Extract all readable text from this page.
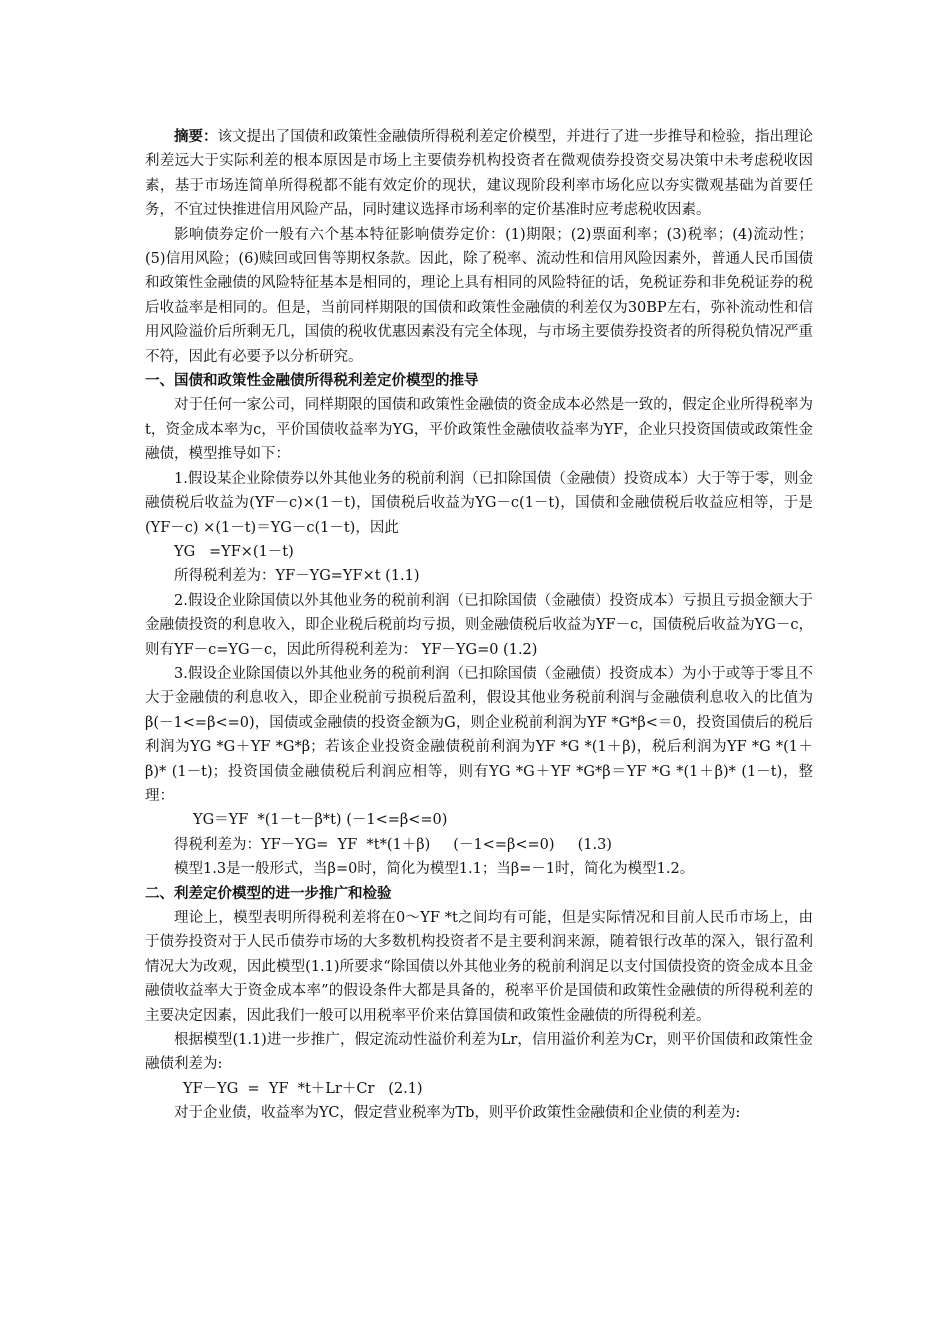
摘要：该文提出了国债和政策性金融债所得税利差定价模型，并进行了进一步推导和检验，指出理论利差远大于实际利差的根本原因是市场上主要债券机构投资者在微观债券投资交易决策中未考虑税收因素，基于市场连简单所得税都不能有效定价的现状，建议现阶段利率市场化应以夯实微观基础为首要任务，不宜过快推进信用风险产品，同时建议选择市场利率的定价基准时应考虑税收因素。

影响债券定价一般有六个基本特征影响债券定价：(1)期限；(2)票面利率；(3)税率；(4)流动性；(5)信用风险；(6)赎回或回售等期权条款。因此，除了税率、流动性和信用风险因素外，普通人民币国债和政策性金融债的风险特征基本是相同的，理论上具有相同的风险特征的话，免税证券和非免税证券的税后收益率是相同的。但是，当前同样期限的国债和政策性金融债的利差仅为30BP左右，弥补流动性和信用风险溢价后所剩无几，国债的税收优惠因素没有完全体现，与市场主要债券投资者的所得税负情况严重不符，因此有必要予以分析研究。

一、国债和政策性金融债所得税利差定价模型的推导

对于任何一家公司，同样期限的国债和政策性金融债的资金成本必然是一致的，假定企业所得税率为t，资金成本率为c，平价国债收益率为YG，平价政策性金融债收益率为YF，企业只投资国债或政策性金融债，模型推导如下：

1.假设某企业除债券以外其他业务的税前利润（已扣除国债（金融债）投资成本）大于等于零，则金融债税后收益为(YF－c)×(1－t)，国债税后收益为YG－c(1－t)，国债和金融债税后收益应相等，于是 (YF－c) ×(1－t)＝YG－c(1－t)，因此

YG   =YF×(1－t)

所得税利差为：YF－YG=YF×t (1.1)

2.假设企业除国债以外其他业务的税前利润（已扣除国债（金融债）投资成本）亏损且亏损金额大于金融债投资的利息收入，即企业税后税前均亏损，则金融债税后收益为YF－c，国债税后收益为YG－c，则有YF－c=YG－c，因此所得税利差为： YF－YG=0 (1.2)

3.假设企业除国债以外其他业务的税前利润（已扣除国债（金融债）投资成本）为小于或等于零且不大于金融债的利息收入，即企业税前亏损税后盈利，假设其他业务税前利润与金融债利息收入的比值为β(－1<=β<=0)，国债或金融债的投资金额为G，则企业税前利润为YF *G*β<＝0，投资国债后的税后利润为YG *G＋YF *G*β；若该企业投资金融债税前利润为YF *G *(1＋β)，税后利润为YF *G *(1＋β)* (1－t)；投资国债金融债税后利润应相等，则有YG *G＋YF *G*β＝YF *G *(1＋β)* (1－t)，整理：

YG＝YF  *(1－t－β*t) (－1<=β<=0)

得税利差为：YF－YG=  YF  *t*(1＋β)     (－1<=β<=0)     (1.3)

模型1.3是一般形式，当β=0时，简化为模型1.1；当β=－1时，简化为模型1.2。

二、利差定价模型的进一步推广和检验

理论上，模型表明所得税利差将在0～YF *t之间均有可能，但是实际情况和目前人民币市场上，由于债券投资对于人民币债券市场的大多数机构投资者不是主要利润来源，随着银行改革的深入，银行盈利情况大为改观，因此模型(1.1)所要求“除国债以外其他业务的税前利润足以支付国债投资的资金成本且金融债收益率大于资金成本率”的假设条件大都是具备的，税率平价是国债和政策性金融债的所得税利差的主要决定因素，因此我们一般可以用税率平价来估算国债和政策性金融债的所得税利差。

根据模型(1.1)进一步推广，假定流动性溢价利差为Lr，信用溢价利差为Cr，则平价国债和政策性金融债利差为:

YF－YG  =  YF  *t＋Lr＋Cr   (2.1)

对于企业债，收益率为YC，假定营业税率为Tb，则平价政策性金融债和企业债的利差为:
